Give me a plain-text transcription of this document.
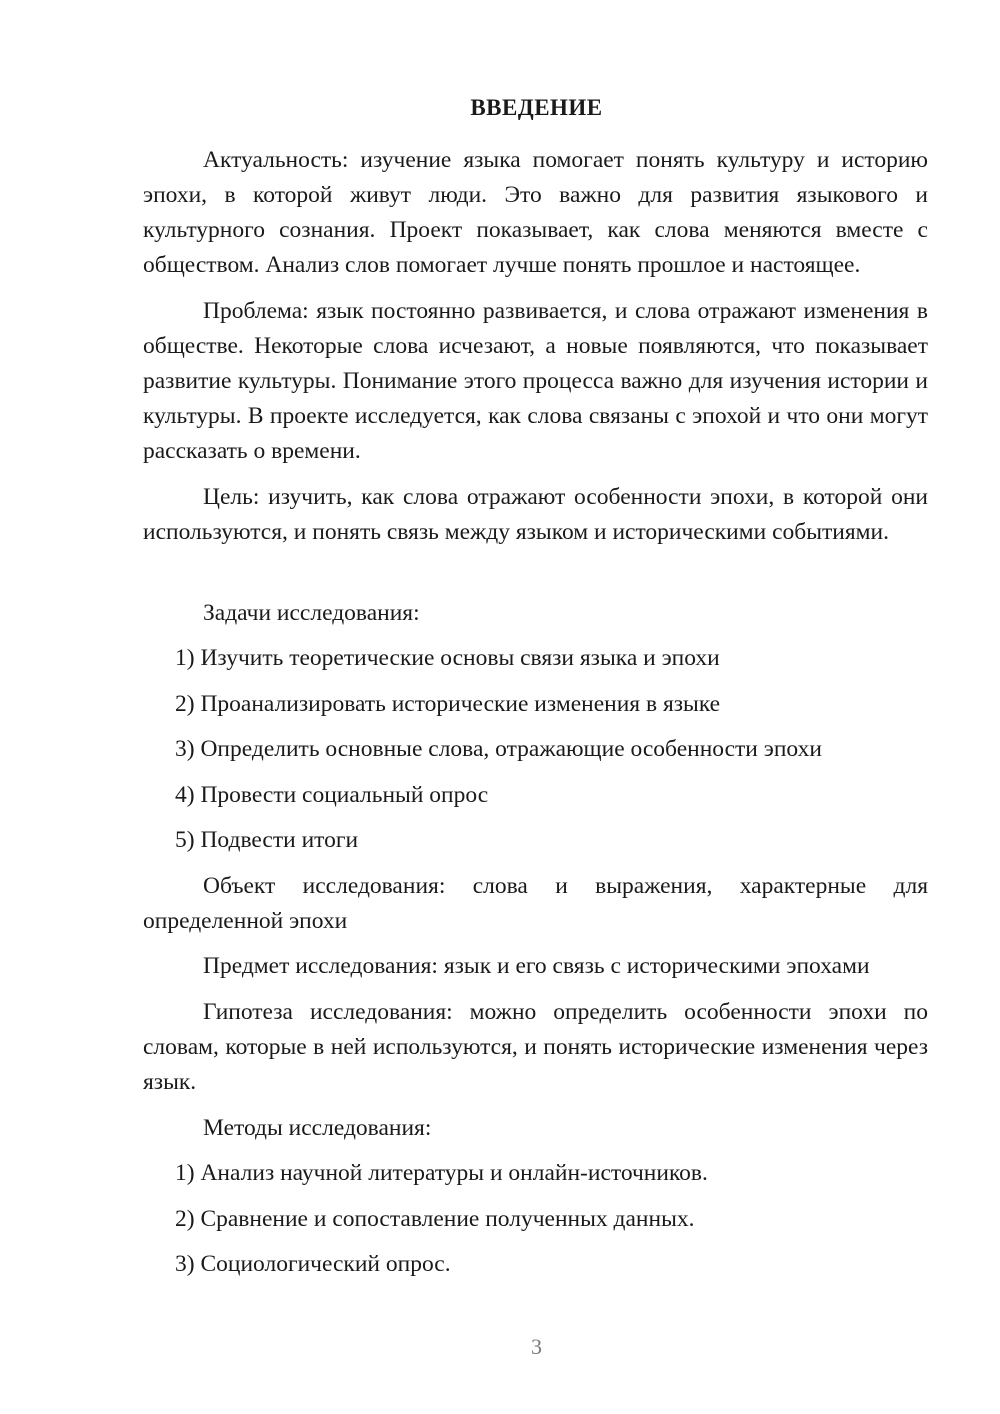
ВВЕДЕНИЕ

Актуальность: изучение языка помогает понять культуру и историю эпохи, в которой живут люди. Это важно для развития языкового и культурного сознания. Проект показывает, как слова меняются вместе с обществом. Анализ слов помогает лучше понять прошлое и настоящее.

Проблема: язык постоянно развивается, и слова отражают изменения в обществе. Некоторые слова исчезают, а новые появляются, что показывает развитие культуры. Понимание этого процесса важно для изучения истории и культуры. В проекте исследуется, как слова связаны с эпохой и что они могут рассказать о времени.

Цель: изучить, как слова отражают особенности эпохи, в которой они используются, и понять связь между языком и историческими событиями.

Задачи исследования:

1) Изучить теоретические основы связи языка и эпохи

2) Проанализировать исторические изменения в языке

3) Определить основные слова, отражающие особенности эпохи

4) Провести социальный опрос

5) Подвести итоги

Объект исследования: слова и выражения, характерные для определенной эпохи

Предмет исследования: язык и его связь с историческими эпохами

Гипотеза исследования: можно определить особенности эпохи по словам, которые в ней используются, и понять исторические изменения через язык.

Методы исследования:

1) Анализ научной литературы и онлайн-источников.

2) Сравнение и сопоставление полученных данных.

3) Социологический опрос.

3
